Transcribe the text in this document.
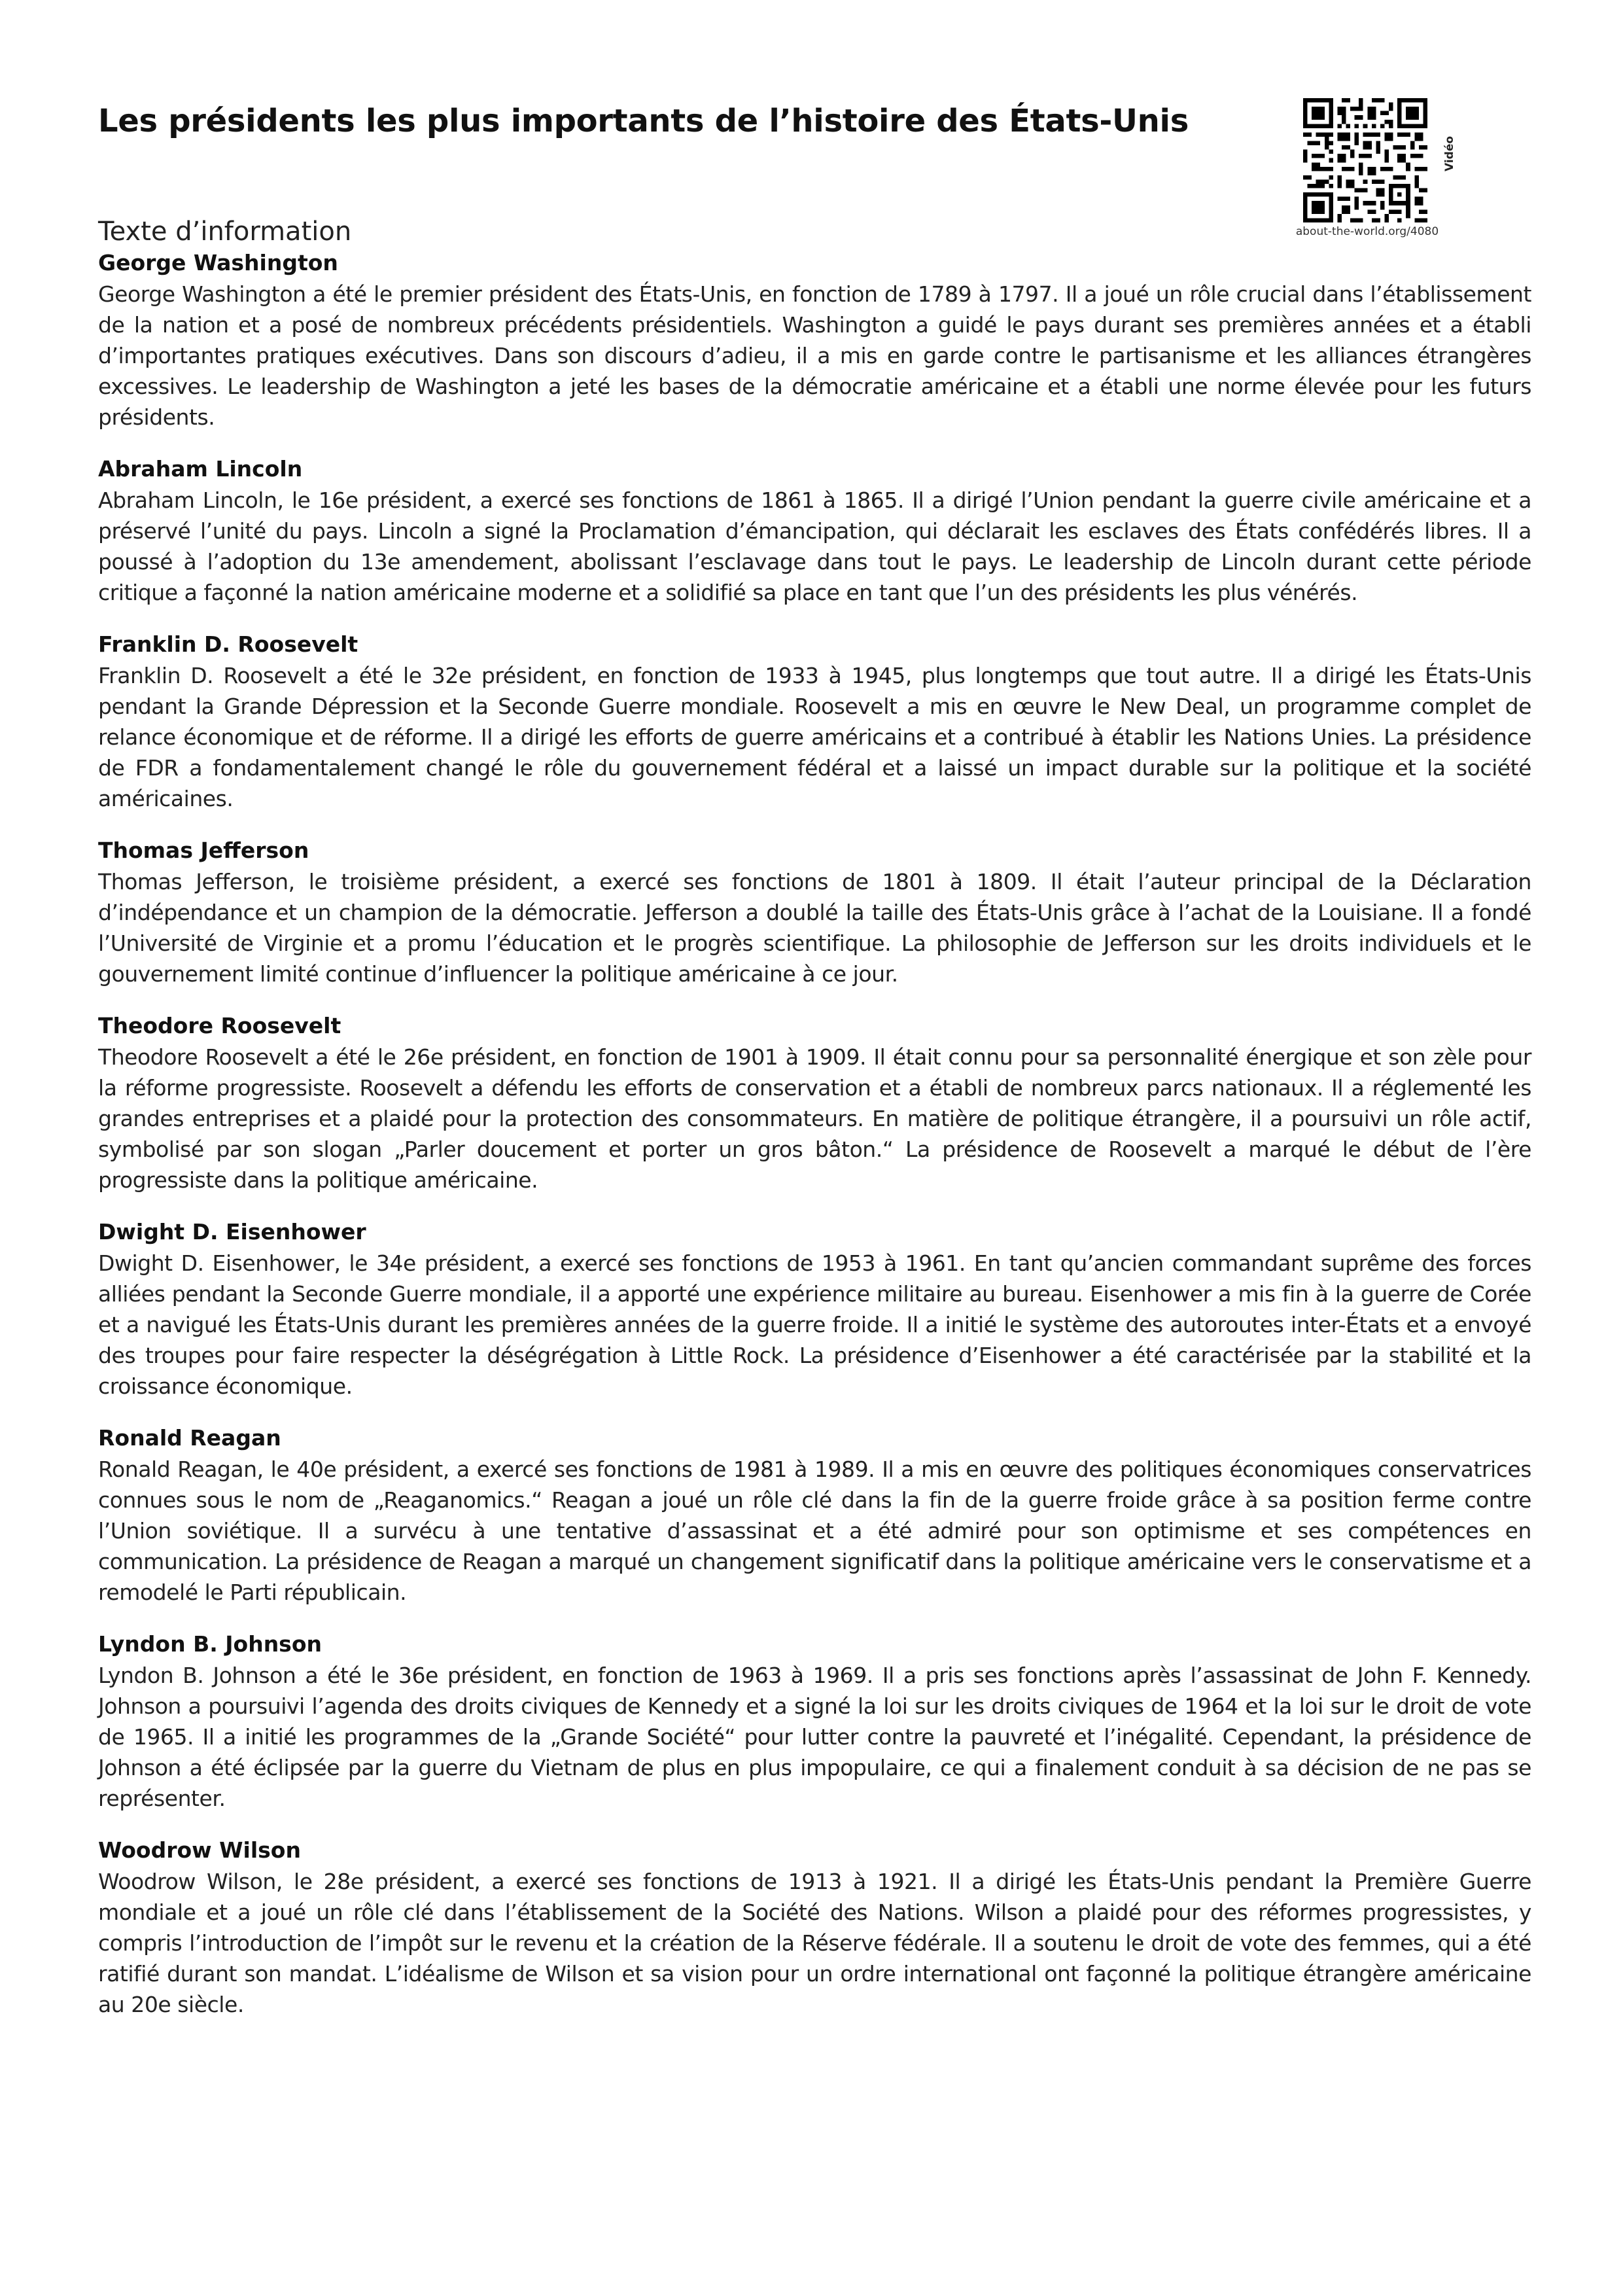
Les présidents les plus importants de l’histoire des États-Unis
about-the-world.org/4080
Vidéo
Texte d’information
George Washington

George Washington a été le premier président des États-Unis, en fonction de 1789 à 1797. Il a joué un rôle crucial dans l’établissement de la nation et a posé de nombreux précédents présidentiels. Washington a guidé le pays durant ses premières années et a établi d’importantes pratiques exécutives. Dans son discours d’adieu, il a mis en garde contre le partisanisme et les alliances étrangères excessives. Le leadership de Washington a jeté les bases de la démocratie américaine et a établi une norme élevée pour les futurs présidents.

Abraham Lincoln

Abraham Lincoln, le 16e président, a exercé ses fonctions de 1861 à 1865. Il a dirigé l’Union pendant la guerre civile américaine et a préservé l’unité du pays. Lincoln a signé la Proclamation d’émancipation, qui déclarait les esclaves des États confédérés libres. Il a poussé à l’adoption du 13e amendement, abolissant l’esclavage dans tout le pays. Le leadership de Lincoln durant cette période critique a façonné la nation américaine moderne et a solidifié sa place en tant que l’un des présidents les plus vénérés.

Franklin D. Roosevelt

Franklin D. Roosevelt a été le 32e président, en fonction de 1933 à 1945, plus longtemps que tout autre. Il a dirigé les États-Unis pendant la Grande Dépression et la Seconde Guerre mondiale. Roosevelt a mis en œuvre le New Deal, un programme complet de relance économique et de réforme. Il a dirigé les efforts de guerre américains et a contribué à établir les Nations Unies. La présidence de FDR a fondamentalement changé le rôle du gouvernement fédéral et a laissé un impact durable sur la politique et la société américaines.

Thomas Jefferson

Thomas Jefferson, le troisième président, a exercé ses fonctions de 1801 à 1809. Il était l’auteur principal de la Déclaration d’indépendance et un champion de la démocratie. Jefferson a doublé la taille des États-Unis grâce à l’achat de la Louisiane. Il a fondé l’Université de Virginie et a promu l’éducation et le progrès scientifique. La philosophie de Jefferson sur les droits individuels et le gouvernement limité continue d’influencer la politique américaine à ce jour.

Theodore Roosevelt

Theodore Roosevelt a été le 26e président, en fonction de 1901 à 1909. Il était connu pour sa personnalité énergique et son zèle pour la réforme progressiste. Roosevelt a défendu les efforts de conservation et a établi de nombreux parcs nationaux. Il a réglementé les grandes entreprises et a plaidé pour la protection des consommateurs. En matière de politique étrangère, il a poursuivi un rôle actif, symbolisé par son slogan „Parler doucement et porter un gros bâton.“ La présidence de Roosevelt a marqué le début de l’ère progressiste dans la politique américaine.

Dwight D. Eisenhower

Dwight D. Eisenhower, le 34e président, a exercé ses fonctions de 1953 à 1961. En tant qu’ancien commandant suprême des forces alliées pendant la Seconde Guerre mondiale, il a apporté une expérience militaire au bureau. Eisenhower a mis fin à la guerre de Corée et a navigué les États-Unis durant les premières années de la guerre froide. Il a initié le système des autoroutes inter-États et a envoyé des troupes pour faire respecter la déségrégation à Little Rock. La présidence d’Eisenhower a été caractérisée par la stabilité et la croissance économique.

Ronald Reagan

Ronald Reagan, le 40e président, a exercé ses fonctions de 1981 à 1989. Il a mis en œuvre des politiques économiques conservatrices connues sous le nom de „Reaganomics.“ Reagan a joué un rôle clé dans la fin de la guerre froide grâce à sa position ferme contre l’Union soviétique. Il a survécu à une tentative d’assassinat et a été admiré pour son optimisme et ses compétences en communication. La présidence de Reagan a marqué un changement significatif dans la politique américaine vers le conservatisme et a remodelé le Parti républicain.

Lyndon B. Johnson

Lyndon B. Johnson a été le 36e président, en fonction de 1963 à 1969. Il a pris ses fonctions après l’assassinat de John F. Kennedy. Johnson a poursuivi l’agenda des droits civiques de Kennedy et a signé la loi sur les droits civiques de 1964 et la loi sur le droit de vote de 1965. Il a initié les programmes de la „Grande Société“ pour lutter contre la pauvreté et l’inégalité. Cependant, la présidence de Johnson a été éclipsée par la guerre du Vietnam de plus en plus impopulaire, ce qui a finalement conduit à sa décision de ne pas se représenter.

Woodrow Wilson

Woodrow Wilson, le 28e président, a exercé ses fonctions de 1913 à 1921. Il a dirigé les États-Unis pendant la Première Guerre mondiale et a joué un rôle clé dans l’établissement de la Société des Nations. Wilson a plaidé pour des réformes progressistes, y compris l’introduction de l’impôt sur le revenu et la création de la Réserve fédérale. Il a soutenu le droit de vote des femmes, qui a été ratifié durant son mandat. L’idéalisme de Wilson et sa vision pour un ordre international ont façonné la politique étrangère américaine au 20e siècle.
